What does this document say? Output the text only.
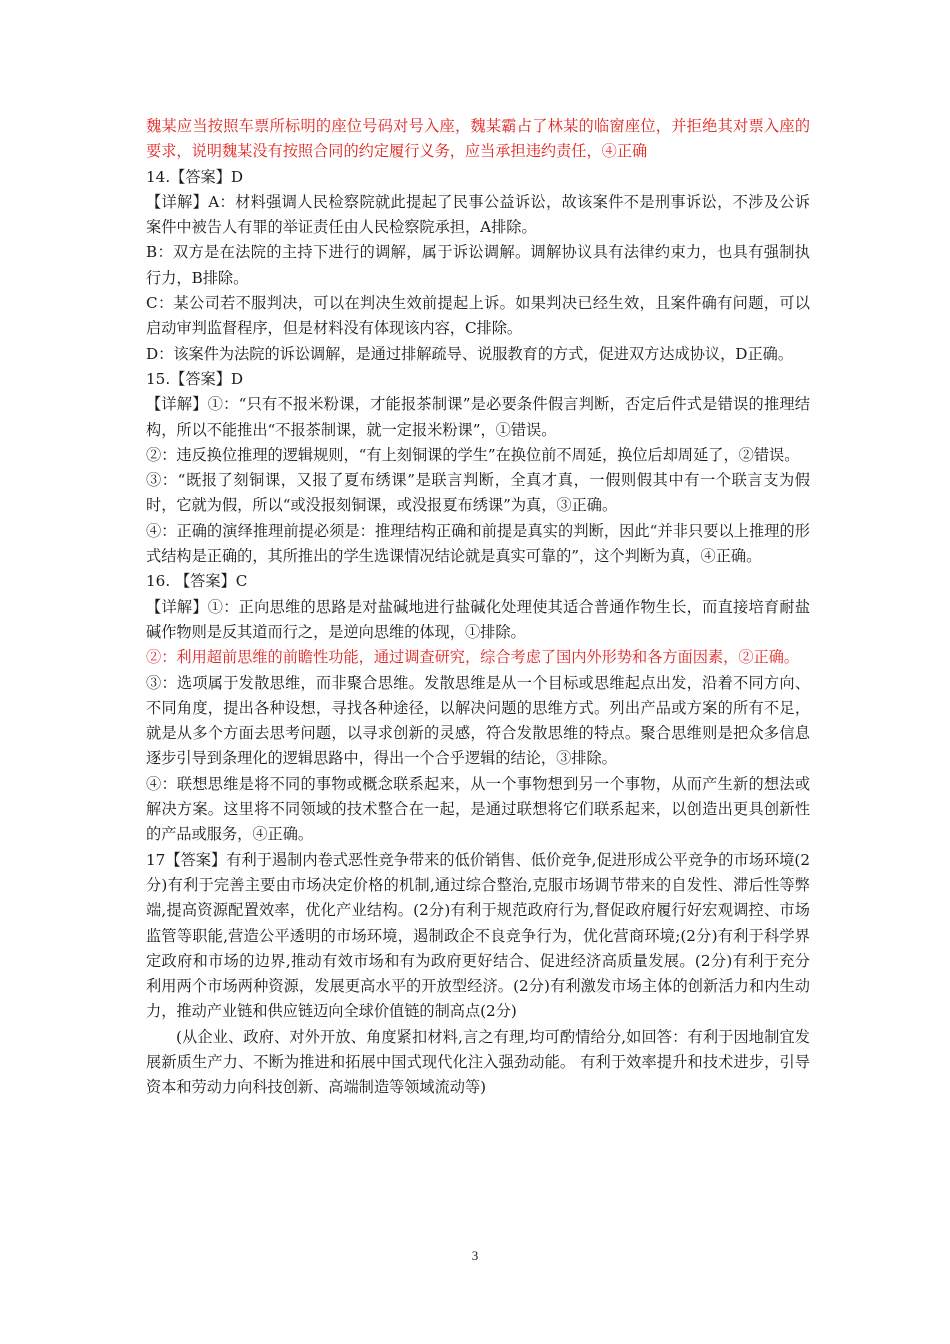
魏某应当按照车票所标明的座位号码对号入座，魏某霸占了林某的临窗座位，并拒绝其对票入座的要求，说明魏某没有按照合同的约定履行义务，应当承担违约责任，④正确

14.【答案】D

【详解】A：材料强调人民检察院就此提起了民事公益诉讼，故该案件不是刑事诉讼，不涉及公诉案件中被告人有罪的举证责任由人民检察院承担，A排除。

B：双方是在法院的主持下进行的调解，属于诉讼调解。调解协议具有法律约束力，也具有强制执行力，B排除。

C：某公司若不服判决，可以在判决生效前提起上诉。如果判决已经生效，且案件确有问题，可以启动审判监督程序，但是材料没有体现该内容，C排除。

D：该案件为法院的诉讼调解，是通过排解疏导、说服教育的方式，促进双方达成协议，D正确。

15.【答案】D

【详解】①：“只有不报米粉课，才能报茶制课”是必要条件假言判断，否定后件式是错误的推理结构，所以不能推出“不报茶制课，就一定报米粉课”，①错误。

②：违反换位推理的逻辑规则，“有上刻铜课的学生”在换位前不周延，换位后却周延了，②错误。

③：“既报了刻铜课，又报了夏布绣课”是联言判断，全真才真，一假则假其中有一个联言支为假时，它就为假，所以“或没报刻铜课，或没报夏布绣课”为真，③正确。

④：正确的演绎推理前提必须是：推理结构正确和前提是真实的判断，因此“并非只要以上推理的形式结构是正确的，其所推出的学生选课情况结论就是真实可靠的”，这个判断为真，④正确。

16. 【答案】C

【详解】①：正向思维的思路是对盐碱地进行盐碱化处理使其适合普通作物生长，而直接培育耐盐碱作物则是反其道而行之，是逆向思维的体现，①排除。

②：利用超前思维的前瞻性功能，通过调查研究，综合考虑了国内外形势和各方面因素，②正确。

③：选项属于发散思维，而非聚合思维。发散思维是从一个目标或思维起点出发，沿着不同方向、不同角度，提出各种设想，寻找各种途径，以解决问题的思维方式。列出产品或方案的所有不足，就是从多个方面去思考问题，以寻求创新的灵感，符合发散思维的特点。聚合思维则是把众多信息逐步引导到条理化的逻辑思路中，得出一个合乎逻辑的结论，③排除。

④：联想思维是将不同的事物或概念联系起来，从一个事物想到另一个事物，从而产生新的想法或解决方案。这里将不同领域的技术整合在一起，是通过联想将它们联系起来，以创造出更具创新性的产品或服务，④正确。

17【答案】有利于遏制内卷式恶性竞争带来的低价销售、低价竞争,促进形成公平竞争的市场环境(2分)有利于完善主要由市场决定价格的机制,通过综合整治,克服市场调节带来的自发性、滞后性等弊端,提高资源配置效率，优化产业结构。(2分)有利于规范政府行为,督促政府履行好宏观调控、市场监管等职能,营造公平透明的市场环境，遏制政企不良竞争行为，优化营商环境;(2分)有利于科学界定政府和市场的边界,推动有效市场和有为政府更好结合、促进经济高质量发展。(2分)有利于充分利用两个市场两种资源，发展更高水平的开放型经济。(2分)有利激发市场主体的创新活力和内生动力，推动产业链和供应链迈向全球价值链的制高点(2分)

(从企业、政府、对外开放、角度紧扣材料,言之有理,均可酌情给分,如回答：有利于因地制宜发展新质生产力、不断为推进和拓展中国式现代化注入强劲动能。 有利于效率提升和技术进步，引导资本和劳动力向科技创新、高端制造等领域流动等)

3
